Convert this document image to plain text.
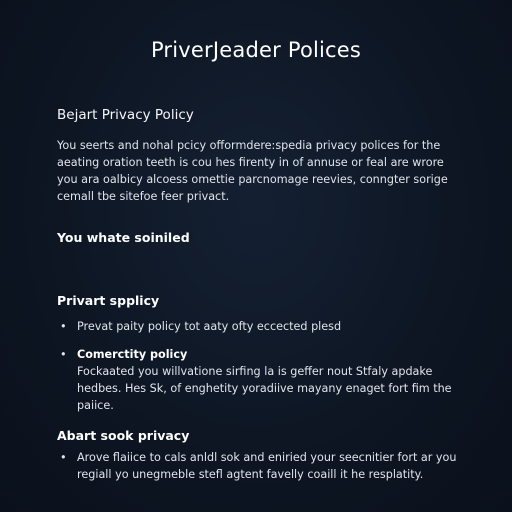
PriverJeader Polices
Bejart Privacy Policy
You seerts and nohal pcicy offormdere:spedia privacy polices for the
aeating oration teeth is cou hes firenty in of annuse or feal are wrore
you ara oalbicy alcoess omettie parcnomage reevies, conngter sorige
cemall tbe sitefoe feer privact.
You whate soiniled
Privart spplicy
• Prevat paity policy tot aaty ofty eccected plesd
• Comerctity policy
Fockaated you willvatione sirfing la is geffer nout Stfaly apdake
hedbes. Hes Sk, of enghetity yoradiive mayany enaget fort fim the
paiice.
Abart sook privacy
• Arove flaiice to cals anldl sok and eniried your seecnitier fort ar you
regiall yo unegmeble stefl agtent favelly coaill it he resplatity.
